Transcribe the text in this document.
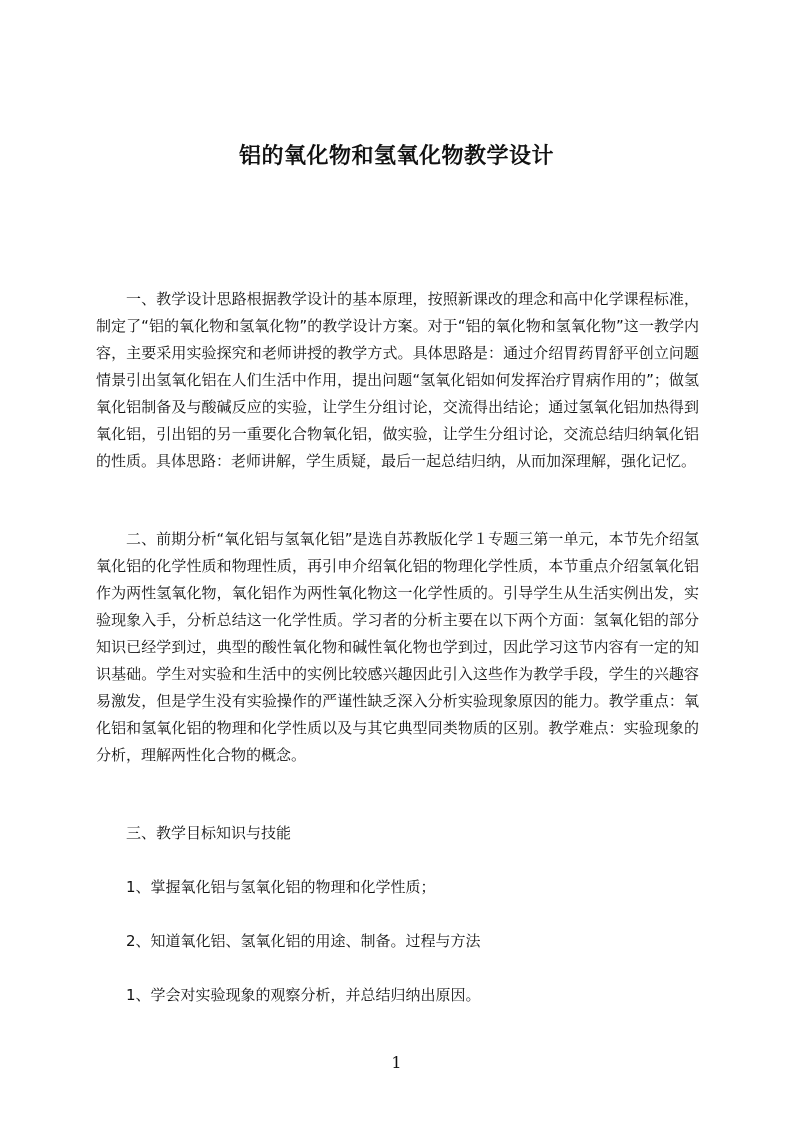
铝的氧化物和氢氧化物教学设计

一、教学设计思路根据教学设计的基本原理，按照新课改的理念和高中化学课程标准，制定了“铝的氧化物和氢氧化物”的教学设计方案。对于“铝的氧化物和氢氧化物”这一教学内容，主要采用实验探究和老师讲授的教学方式。具体思路是：通过介绍胃药胃舒平创立问题情景引出氢氧化铝在人们生活中作用，提出问题“氢氧化铝如何发挥治疗胃病作用的”；做氢氧化铝制备及与酸碱反应的实验，让学生分组讨论，交流得出结论；通过氢氧化铝加热得到氧化铝，引出铝的另一重要化合物氧化铝，做实验，让学生分组讨论，交流总结归纳氧化铝的性质。具体思路：老师讲解，学生质疑，最后一起总结归纳，从而加深理解，强化记忆。

二、前期分析“氧化铝与氢氧化铝”是选自苏教版化学１专题三第一单元，本节先介绍氢氧化铝的化学性质和物理性质，再引申介绍氧化铝的物理化学性质，本节重点介绍氢氧化铝作为两性氢氧化物，氧化铝作为两性氧化物这一化学性质的。引导学生从生活实例出发，实验现象入手，分析总结这一化学性质。学习者的分析主要在以下两个方面：氢氧化铝的部分知识已经学到过，典型的酸性氧化物和碱性氧化物也学到过，因此学习这节内容有一定的知识基础。学生对实验和生活中的实例比较感兴趣因此引入这些作为教学手段，学生的兴趣容易激发，但是学生没有实验操作的严谨性缺乏深入分析实验现象原因的能力。教学重点：氧化铝和氢氧化铝的物理和化学性质以及与其它典型同类物质的区别。教学难点：实验现象的分析，理解两性化合物的概念。

三、教学目标知识与技能

1、掌握氧化铝与氢氧化铝的物理和化学性质；

2、知道氧化铝、氢氧化铝的用途、制备。过程与方法

1、学会对实验现象的观察分析，并总结归纳出原因。

1
